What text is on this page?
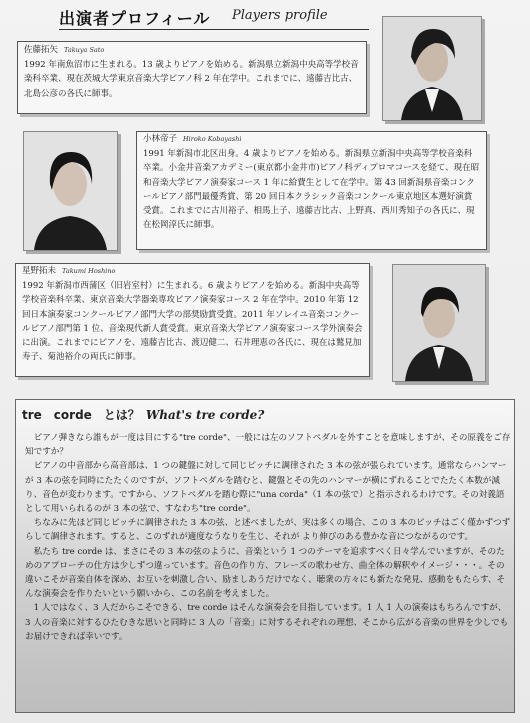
出演者プロフィール Players profile
佐藤拓矢 Takuya Sato
1992 年南魚沼市に生まれる。13 歳よりピアノを始める。新潟県立新潟中央高等学校音楽科卒業、現在茨城大学東京音楽大学ピアノ科 2 年在学中。これまでに、遠藤吉比古、北島公彦の各氏に師事。
小林帝子 Hiroko Kobayashi
1991 年新潟市北区出身。4 歳よりピアノを始める。新潟県立新潟中央高等学校音楽科卒業。小金井音楽アカデミー(東京都小金井市)ピアノ科ディプロマコースを経て、現在昭和音楽大学ピアノ演奏家コース 1 年に給費生として在学中。第 43 回新潟県音楽コンクールピアノ部門最優秀賞、第 20 回日本クラシック音楽コンクール東京地区本選好演賞受賞。これまでに古川裕子、相馬上子、遠藤吉比古、上野真、西川秀知子の各氏に、現在松岡淳氏に師事。
星野拓未 Takumi Hoshino
1992 年新潟市西蒲区（旧岩室村）に生まれる。6 歳よりピアノを始める。新潟中央高等学校音楽科卒業、東京音楽大学器楽専攻ピアノ演奏家コース 2 年在学中。2010 年第 12 回日本演奏家コンクールピアノ部門大学の部奨励賞受賞。2011 年ソレイユ音楽コンクールピアノ部門第 1 位、音楽現代新人賞受賞。東京音楽大学ピアノ演奏家コース学外演奏会に出演。これまでにピアノを、遠藤吉比古、渡辺健二、石井理恵の各氏に、現在は鷲見加寿子、菊池裕介の両氏に師事。
tre　corde　とは？ What's tre corde?

ピアノ弾きなら誰もが一度は目にする"tre corde"、一般には左のソフトペダルを外すことを意味しますが、その原義をご存知ですか？

ピアノの中音部から高音部は、1 つの鍵盤に対して同じピッチに調律された 3 本の弦が張られています。通常ならハンマーが 3 本の弦を同時にたたくのですが、ソフトペダルを踏むと、鍵盤とその先のハンマーが横にずれることでたたく本数が減り、音色が変わります。ですから、ソフトペダルを踏む際に"una corda"（1 本の弦で）と指示されるわけです。その対義語として用いられるのが 3 本の弦で、すなわち"tre corde"。

ちなみに先ほど同じピッチに調律された 3 本の弦、と述べましたが、実は多くの場合、この 3 本のピッチはごく僅かずつずらして調律されます。すると、このずれが適度なうなりを生じ、それが より伸びのある豊かな音につながるのです。

私たち tre corde は、まさにその 3 本の弦のように、音楽という 1 つのテーマを追求すべく日々学んでいますが、そのためのアプローチの仕方は少しずつ違っています。音色の作り方、フレーズの歌わせ方、曲全体の解釈やイメージ・・・。その違いこそが音楽自体を深め、お互いを刺激し合い、励ましあうだけでなく、聴衆の方々にも新たな発見、感動をもたらす、そんな演奏会を作りたいという願いから、この名前を考えました。

1 人ではなく、3 人だからこそできる、tre corde はそんな演奏会を目指しています。1 人 1 人の演奏はもちろんですが、3 人の音楽に対するひたむきな思いと同時に 3 人の「音楽」に対するそれぞれの理想、そこから広がる音楽の世界を少しでもお届けできれば幸いです。
